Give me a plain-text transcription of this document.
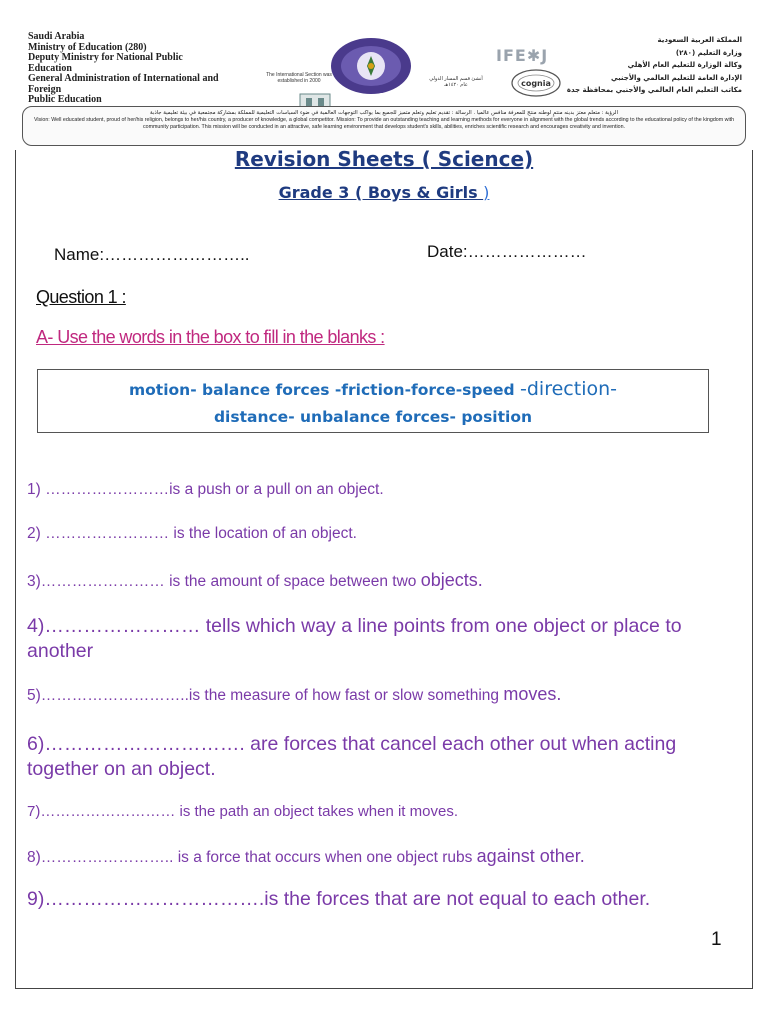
Saudi Arabia
Ministry of Education (280)
Deputy Ministry for National Public
Education
General Administration of International and
Foreign
Public Education
The International Section was established in 2000	أنشئ قسم المسار الدولي عام ١٤٢٠هـ
IFE✱J
cognia
المملكة العربية السعودية
وزارة التعليم (٢٨٠)
وكالة الوزارة للتعليم العام الأهلي
الإدارة العامة للتعليم العالمي والأجنبي
مكاتب التعليم العام العالمي والأجنبي بمحافظة جدة
الرؤية : متعلم معتز بدينه منتمٍ لوطنه منتج للمعرفة منافس عالمياً . الرسالة : تقديم تعليم وتعلم متميز للجميع بما يواكب التوجهات العالمية في ضوء السياسات التعليمية للمملكة بمشاركة مجتمعية في بيئة تعليمية جاذبة
Vision: Well educated student, proud of her/his religion, belongs to her/his country, a producer of knowledge, a global competitor. Mission: To provide an outstanding teaching and learning methods for everyone in alignment with the global trends according to the educational policy of the kingdom with community participation. This mission will be conducted in an attractive, safe learning environment that develops student's skills, abilities, enriches scientific research and encourages creativity and invention.
Revision Sheets ( Science)
Grade 3 ( Boys & Girls )
Name:……………………..	Date:…………………
Question 1 :
A- Use the words in the box to fill in the blanks :
motion- balance forces -friction-force-speed -direction-
distance- unbalance forces- position
1) ……………………is a push or a pull on an object.
2) …………………… is the location of an object.
3)…………………… is the amount of space between two objects.
4)…………………… tells which way a line points from one object or place to another
5)………………………..is the measure of how fast or slow something moves.
6)…………………………. are forces that cancel each other out when acting together on an object.
7)……………………… is the path an object takes when it moves.
8)…………………….. is a force that occurs when one object rubs against other.
9)…………………………….is the forces that are not equal to each other.
1
